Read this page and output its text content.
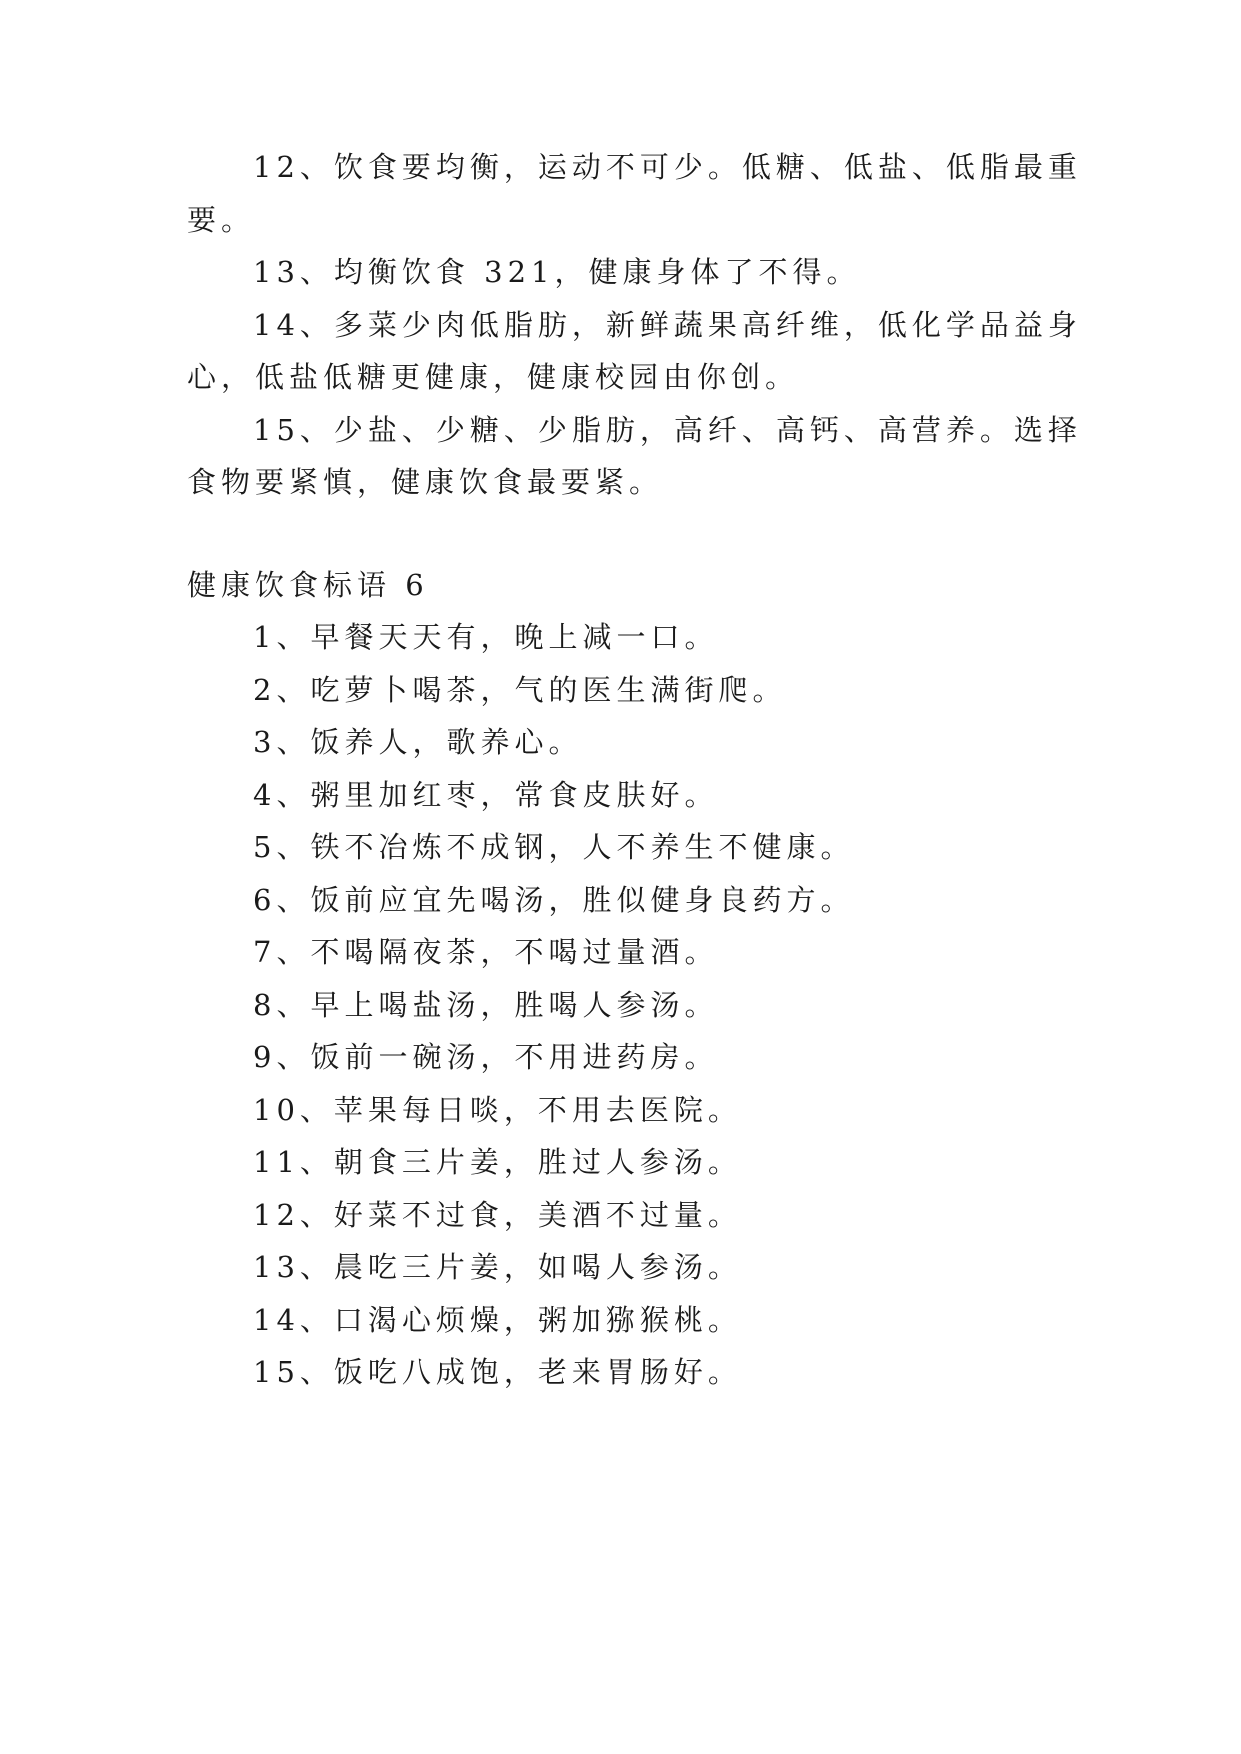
12、饮食要均衡，运动不可少。低糖、低盐、低脂最重
要。
13、均衡饮食 321，健康身体了不得。
14、多菜少肉低脂肪，新鲜蔬果高纤维，低化学品益身
心，低盐低糖更健康，健康校园由你创。
15、少盐、少糖、少脂肪，高纤、高钙、高营养。选择
食物要紧慎，健康饮食最要紧。
健康饮食标语 6
1、早餐天天有，晚上减一口。
2、吃萝卜喝茶，气的医生满街爬。
3、饭养人，歌养心。
4、粥里加红枣，常食皮肤好。
5、铁不冶炼不成钢，人不养生不健康。
6、饭前应宜先喝汤，胜似健身良药方。
7、不喝隔夜茶，不喝过量酒。
8、早上喝盐汤，胜喝人参汤。
9、饭前一碗汤，不用进药房。
10、苹果每日啖，不用去医院。
11、朝食三片姜，胜过人参汤。
12、好菜不过食，美酒不过量。
13、晨吃三片姜，如喝人参汤。
14、口渴心烦燥，粥加猕猴桃。
15、饭吃八成饱，老来胃肠好。
